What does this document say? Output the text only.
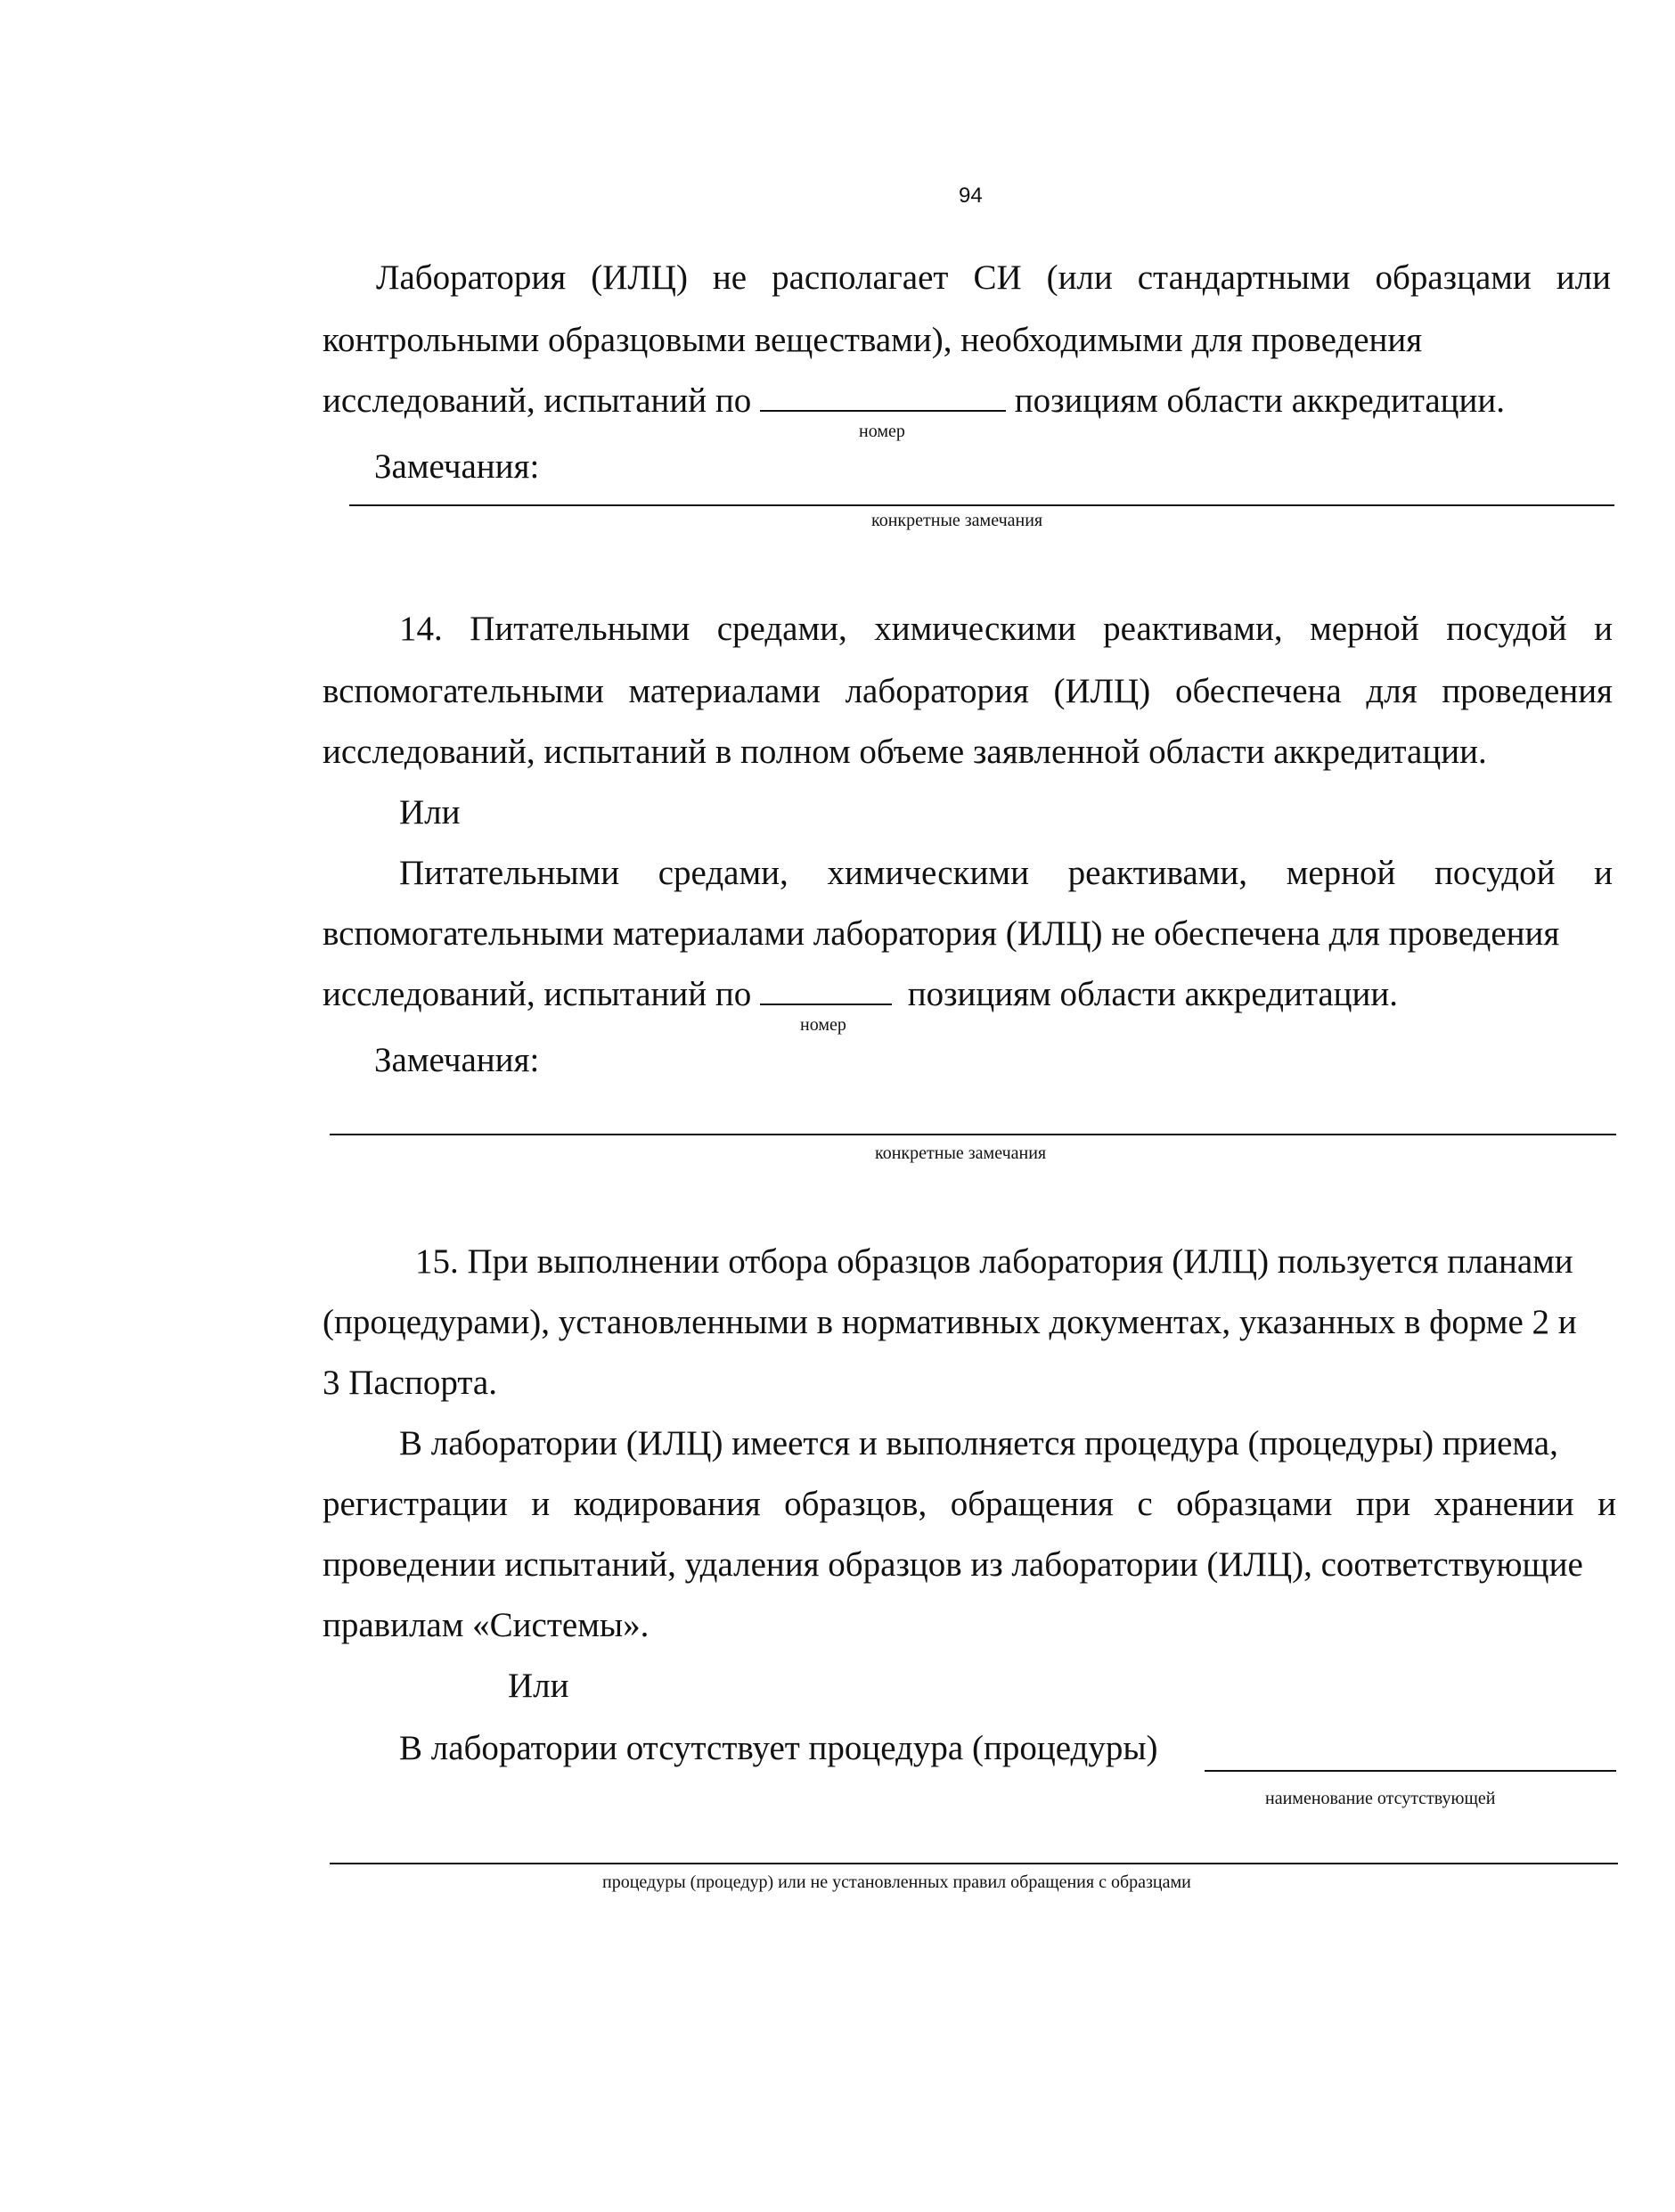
94
Лаборатория (ИЛЦ) не располагает СИ (или стандартными образцами или
контрольными образцовыми веществами), необходимыми для проведения
исследований, испытаний по	позициям области аккредитации.
номер
Замечания:
конкретные замечания
14. Питательными средами, химическими реактивами, мерной посудой и
вспомогательными материалами лаборатория (ИЛЦ) обеспечена для проведения
исследований, испытаний в полном объеме заявленной области аккредитации.
Или
Питательными средами, химическими реактивами, мерной посудой и
вспомогательными материалами лаборатория (ИЛЦ) не обеспечена для проведения
исследований, испытаний по	позициям области аккредитации.
номер
Замечания:
конкретные замечания
15. При выполнении отбора образцов лаборатория (ИЛЦ) пользуется планами
(процедурами), установленными в нормативных документах, указанных в форме 2 и
3 Паспорта.
В лаборатории (ИЛЦ) имеется и выполняется процедура (процедуры) приема,
регистрации и кодирования образцов, обращения с образцами при хранении и
проведении испытаний, удаления образцов из лаборатории (ИЛЦ), соответствующие
правилам «Системы».
Или
В лаборатории отсутствует процедура (процедуры)
наименование отсутствующей
процедуры (процедур) или не установленных правил обращения с образцами
